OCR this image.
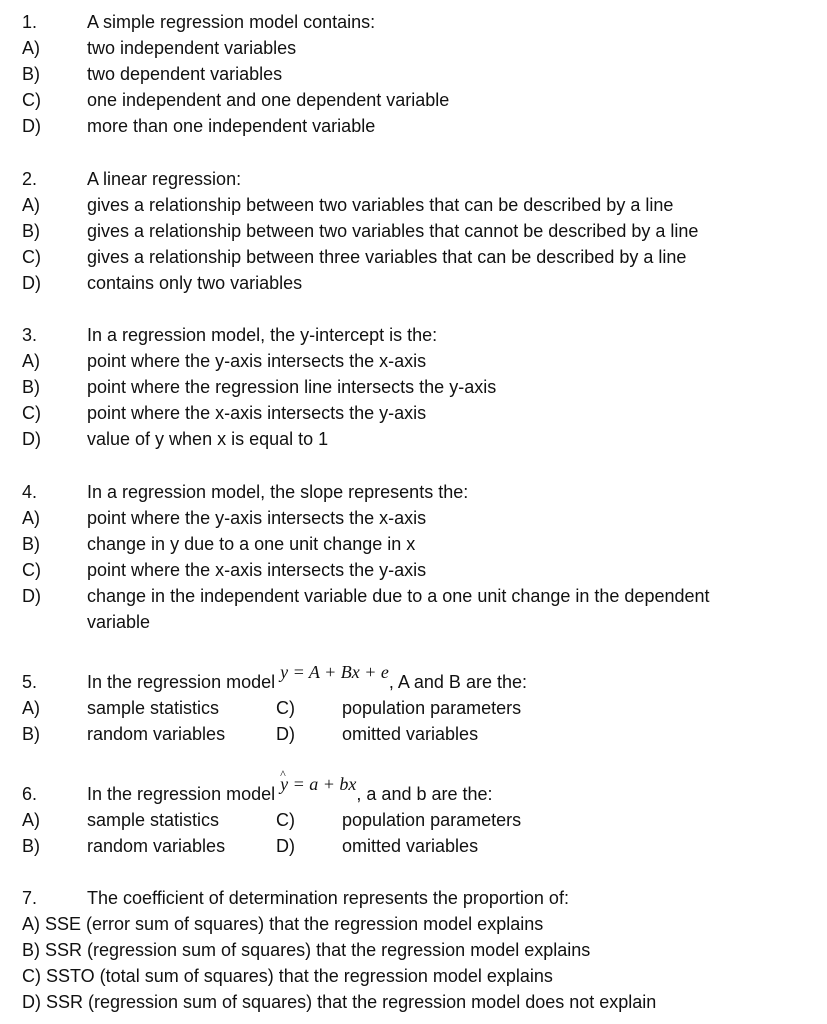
1.	A simple regression model contains:
A)	two independent variables
B)	two dependent variables
C)	one independent and one dependent variable
D)	more than one independent variable
2.	A linear regression:
A)	gives a relationship between two variables that can be described by a line
B)	gives a relationship between two variables that cannot be described by a line
C)	gives a relationship between three variables that can be described by a line
D)	contains only two variables
3.	In a regression model, the y-intercept is the:
A)	point where the y-axis intersects the x-axis
B)	point where the regression line intersects the y-axis
C)	point where the x-axis intersects the y-axis
D)	value of y when x is equal to 1
4.	In a regression model, the slope represents the:
A)	point where the y-axis intersects the x-axis
B)	change in y due to a one unit change in x
C)	point where the x-axis intersects the y-axis
D)	change in the independent variable due to a one unit change in the dependent
variable
5.	In the regression model y = A + Bx + e, A and B are the:
A)	sample statistics	C)	population parameters
B)	random variables	D)	omitted variables
6.	In the regression model ^ y = a + bx, a and b are the:
A)	sample statistics	C)	population parameters
B)	random variables	D)	omitted variables
7.	The coefficient of determination represents the proportion of:
A) SSE (error sum of squares) that the regression model explains
B) SSR (regression sum of squares) that the regression model explains
C) SSTO (total sum of squares) that the regression model explains
D) SSR (regression sum of squares) that the regression model does not explain
